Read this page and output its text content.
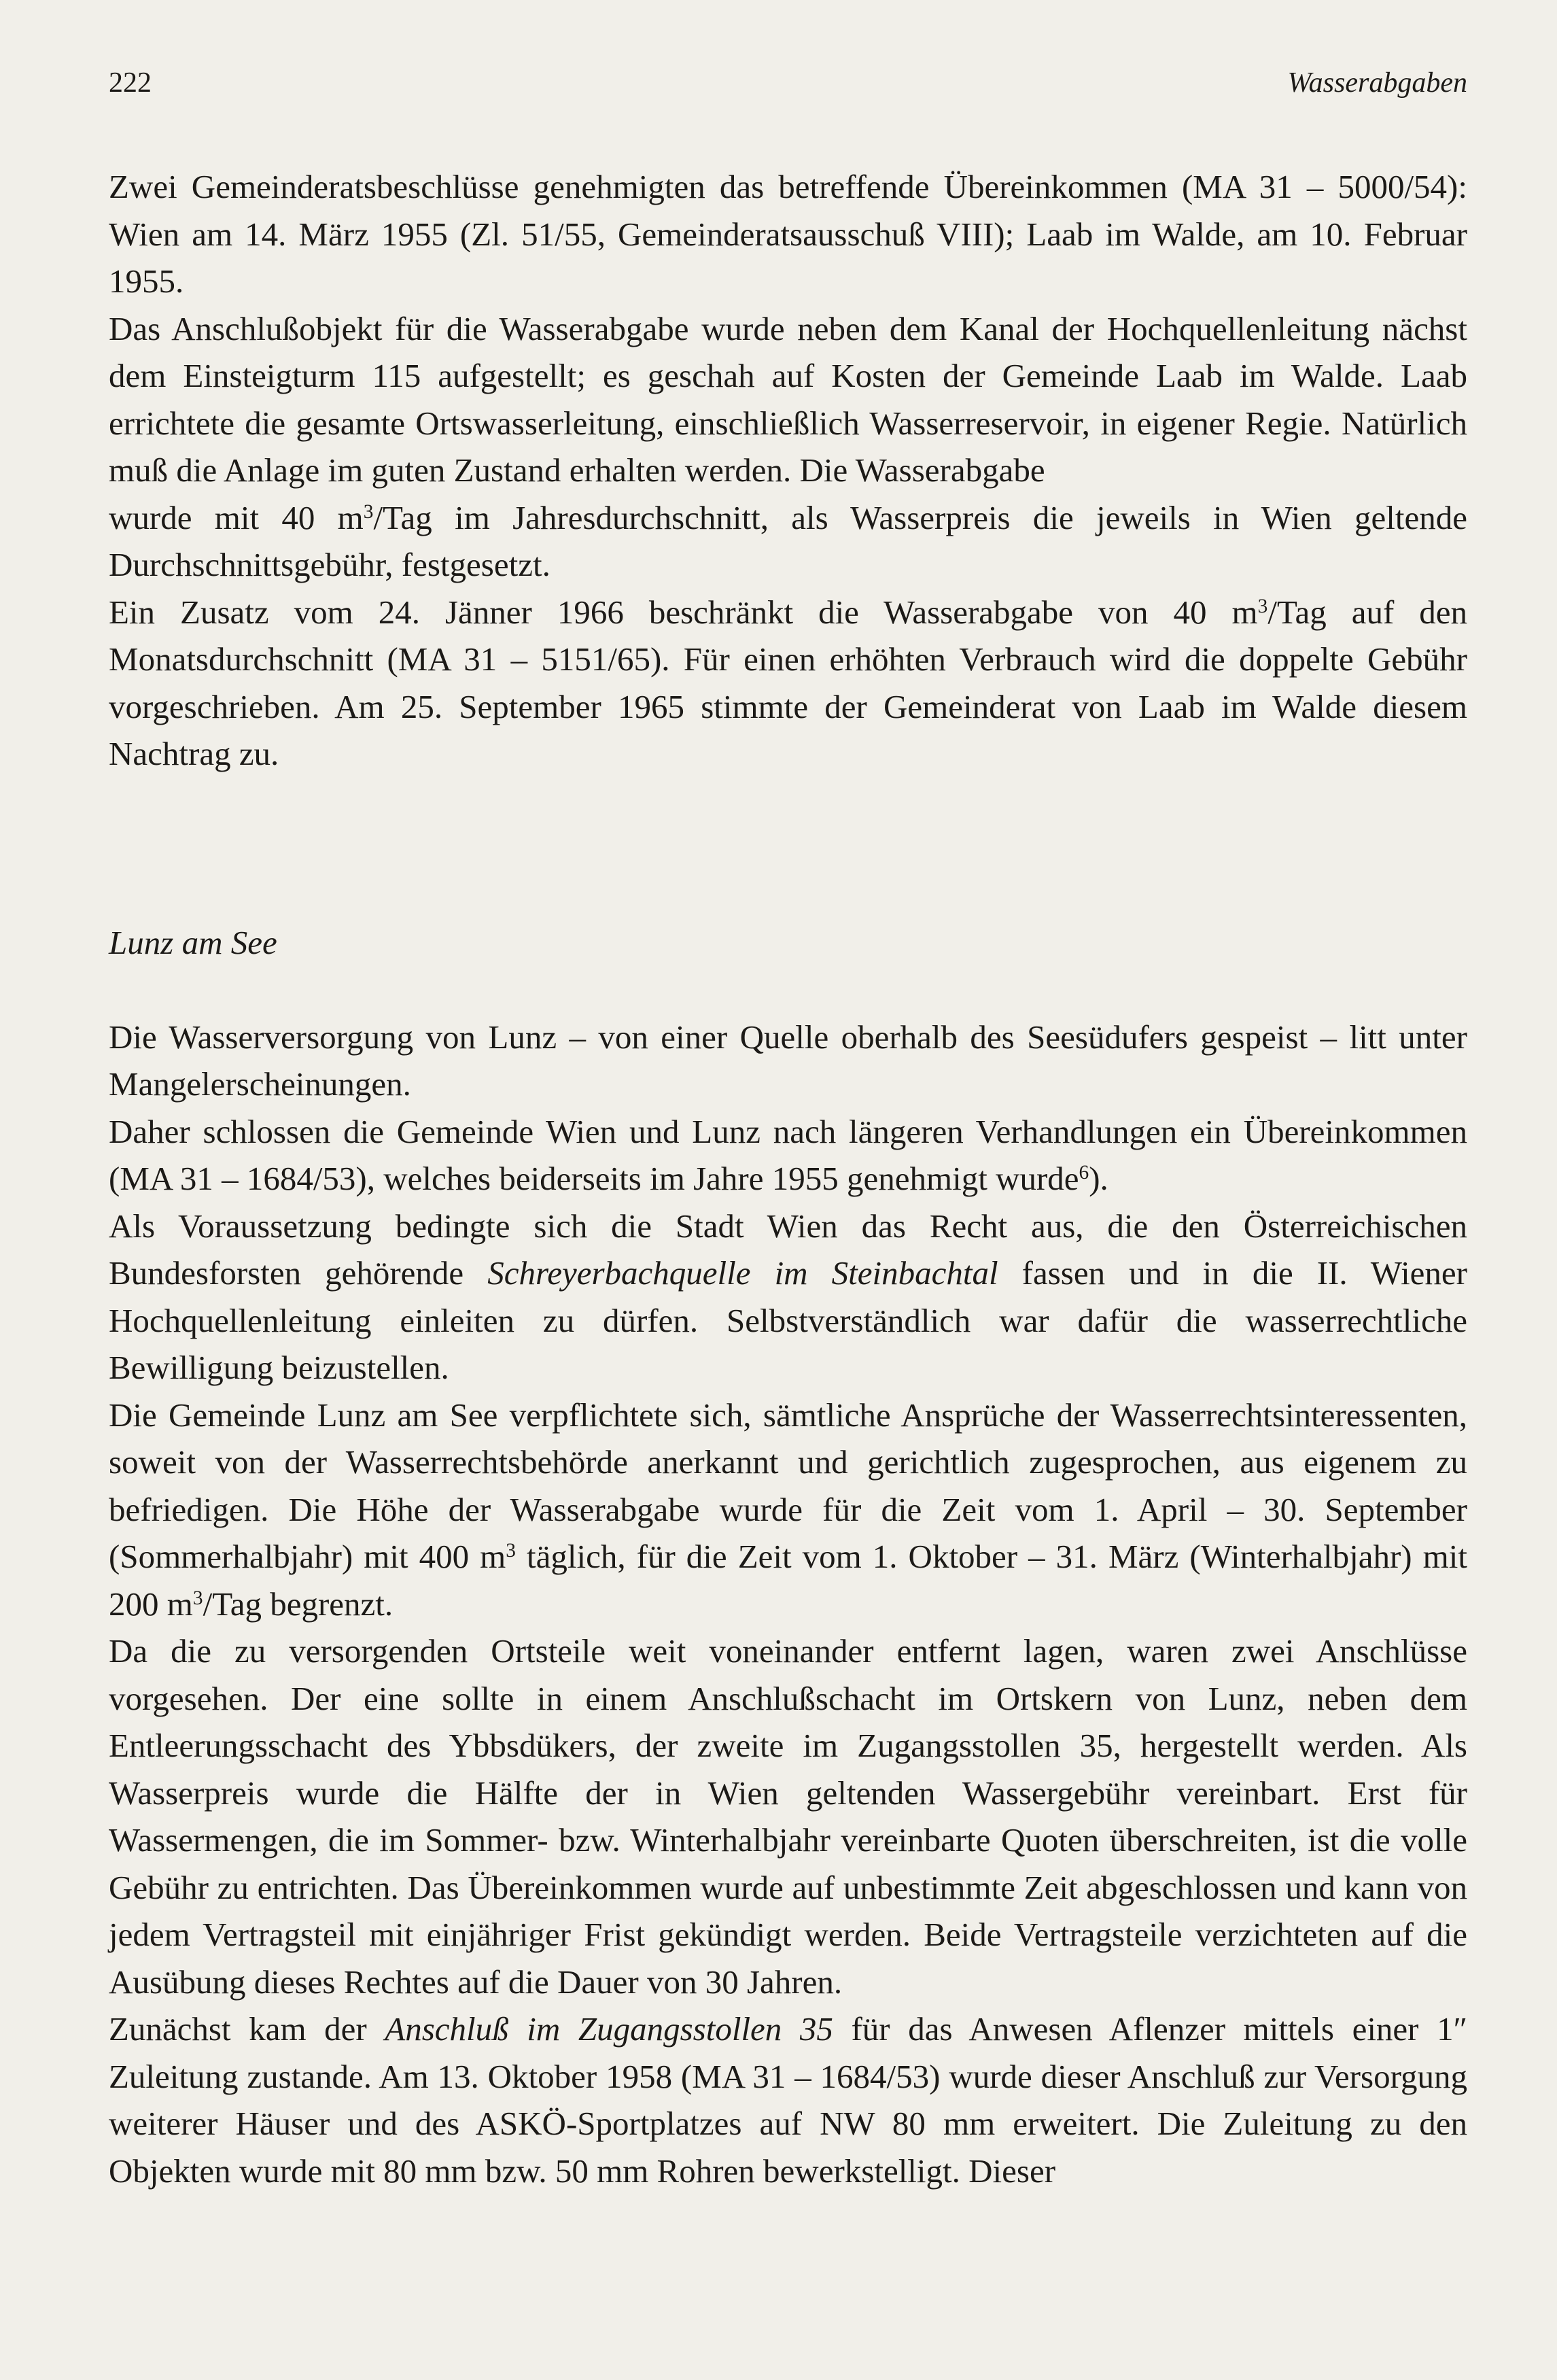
222	Wasserabgaben

Zwei Gemeinderatsbeschlüsse genehmigten das betreffende Übereinkommen (MA 31 – 5000/54): Wien am 14. März 1955 (Zl. 51/55, Gemeinderatsausschuß VIII); Laab im Walde, am 10. Februar 1955.

Das Anschlußobjekt für die Wasserabgabe wurde neben dem Kanal der Hochquellenleitung nächst dem Einsteigturm 115 aufgestellt; es geschah auf Kosten der Gemeinde Laab im Walde. Laab errichtete die gesamte Ortswasserleitung, einschließlich Wasserreservoir, in eigener Regie. Natürlich muß die Anlage im guten Zustand erhalten werden. Die Wasserabgabe

wurde mit 40 $m^3$/Tag im Jahresdurchschnitt, als Wasserpreis die jeweils in Wien geltende Durchschnittsgebühr, festgesetzt.

Ein Zusatz vom 24. Jänner 1966 beschränkt die Wasserabgabe von 40 $m^3$/Tag auf den Monatsdurchschnitt (MA 31 – 5151/65). Für einen erhöhten Verbrauch wird die doppelte Gebühr vorgeschrieben. Am 25. September 1965 stimmte der Gemeinderat von Laab im Walde diesem Nachtrag zu.

Lunz am See

Die Wasserversorgung von Lunz – von einer Quelle oberhalb des Seesüdufers gespeist – litt unter Mangelerscheinungen.

Daher schlossen die Gemeinde Wien und Lunz nach längeren Verhandlungen ein Übereinkommen (MA 31 – 1684/53), welches beiderseits im Jahre 1955 genehmigt wurde$^6$).

Als Voraussetzung bedingte sich die Stadt Wien das Recht aus, die den Österreichischen Bundesforsten gehörende Schreyerbachquelle im Steinbachtal fassen und in die II. Wiener Hochquellenleitung einleiten zu dürfen. Selbstverständlich war dafür die wasserrechtliche Bewilligung beizustellen.

Die Gemeinde Lunz am See verpflichtete sich, sämtliche Ansprüche der Wasserrechtsinteressenten, soweit von der Wasserrechtsbehörde anerkannt und gerichtlich zugesprochen, aus eigenem zu befriedigen. Die Höhe der Wasserabgabe wurde für die Zeit vom 1. April – 30. September (Sommerhalbjahr) mit 400 $m^3$ täglich, für die Zeit vom 1. Oktober – 31. März (Winterhalbjahr) mit 200 $m^3$/Tag begrenzt.

Da die zu versorgenden Ortsteile weit voneinander entfernt lagen, waren zwei Anschlüsse vorgesehen. Der eine sollte in einem Anschlußschacht im Ortskern von Lunz, neben dem Entleerungsschacht des Ybbsdükers, der zweite im Zugangsstollen 35, hergestellt werden. Als Wasserpreis wurde die Hälfte der in Wien geltenden Wassergebühr vereinbart. Erst für Wassermengen, die im Sommer- bzw. Winterhalbjahr vereinbarte Quoten überschreiten, ist die volle Gebühr zu entrichten. Das Übereinkommen wurde auf unbestimmte Zeit abgeschlossen und kann von jedem Vertragsteil mit einjähriger Frist gekündigt werden. Beide Vertragsteile verzichteten auf die Ausübung dieses Rechtes auf die Dauer von 30 Jahren.

Zunächst kam der Anschluß im Zugangsstollen 35 für das Anwesen Aflenzer mittels einer 1″ Zuleitung zustande. Am 13. Oktober 1958 (MA 31 – 1684/53) wurde dieser Anschluß zur Versorgung weiterer Häuser und des ASKÖ-Sportplatzes auf NW 80 mm erweitert. Die Zuleitung zu den Objekten wurde mit 80 mm bzw. 50 mm Rohren bewerkstelligt. Dieser
